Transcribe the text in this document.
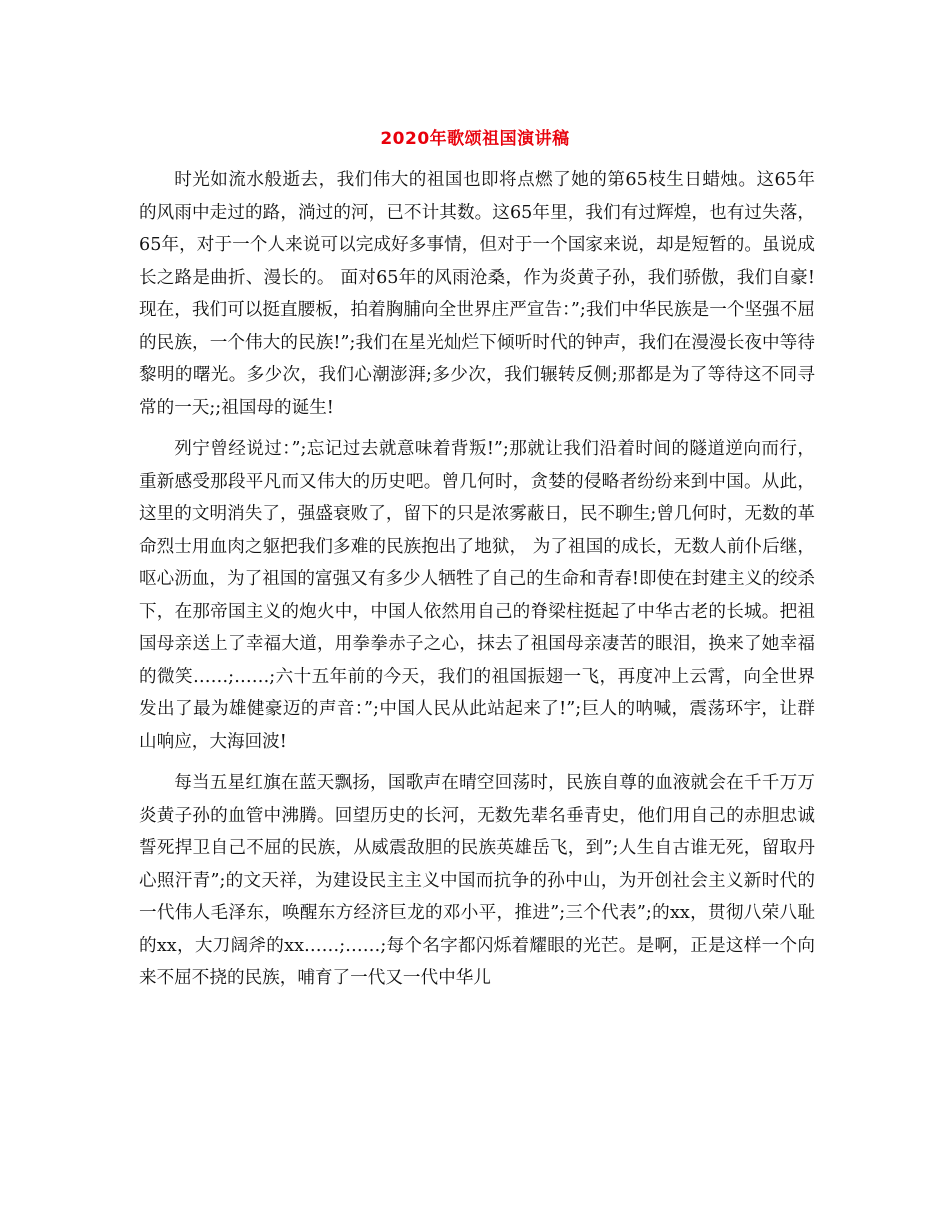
2020年歌颂祖国演讲稿

时光如流水般逝去，我们伟大的祖国也即将点燃了她的第65枝生日蜡烛。这65年的风雨中走过的路，淌过的河，已不计其数。这65年里，我们有过辉煌，也有过失落，65年，对于一个人来说可以完成好多事情，但对于一个国家来说，却是短暂的。虽说成长之路是曲折、漫长的。 面对65年的风雨沧桑，作为炎黄子孙，我们骄傲，我们自豪!现在，我们可以挺直腰板，拍着胸脯向全世界庄严宣告：”;我们中华民族是一个坚强不屈的民族，一个伟大的民族!”;我们在星光灿烂下倾听时代的钟声，我们在漫漫长夜中等待黎明的曙光。多少次，我们心潮澎湃;多少次，我们辗转反侧;那都是为了等待这不同寻常的一天;;祖国母的诞生!

列宁曾经说过：”;忘记过去就意味着背叛!”;那就让我们沿着时间的隧道逆向而行，重新感受那段平凡而又伟大的历史吧。曾几何时，贪婪的侵略者纷纷来到中国。从此，这里的文明消失了，强盛衰败了，留下的只是浓雾蔽日，民不聊生;曾几何时，无数的革命烈士用血肉之躯把我们多难的民族抱出了地狱， 为了祖国的成长，无数人前仆后继，呕心沥血，为了祖国的富强又有多少人牺牲了自己的生命和青春!即使在封建主义的绞杀下，在那帝国主义的炮火中，中国人依然用自己的脊梁柱挺起了中华古老的长城。把祖国母亲送上了幸福大道，用拳拳赤子之心，抹去了祖国母亲凄苦的眼泪，换来了她幸福的微笑……;……;六十五年前的今天，我们的祖国振翅一飞，再度冲上云霄，向全世界发出了最为雄健豪迈的声音：”;中国人民从此站起来了!”;巨人的呐喊，震荡环宇，让群山响应，大海回波!

每当五星红旗在蓝天飘扬，国歌声在晴空回荡时，民族自尊的血液就会在千千万万炎黄子孙的血管中沸腾。回望历史的长河，无数先辈名垂青史，他们用自己的赤胆忠诚誓死捍卫自己不屈的民族，从威震敌胆的民族英雄岳飞，到”;人生自古谁无死，留取丹心照汗青”;的文天祥，为建设民主主义中国而抗争的孙中山，为开创社会主义新时代的一代伟人毛泽东，唤醒东方经济巨龙的邓小平，推进”;三个代表”;的xx，贯彻八荣八耻的xx，大刀阔斧的xx……;……;每个名字都闪烁着耀眼的光芒。是啊，正是这样一个向来不屈不挠的民族，哺育了一代又一代中华儿
